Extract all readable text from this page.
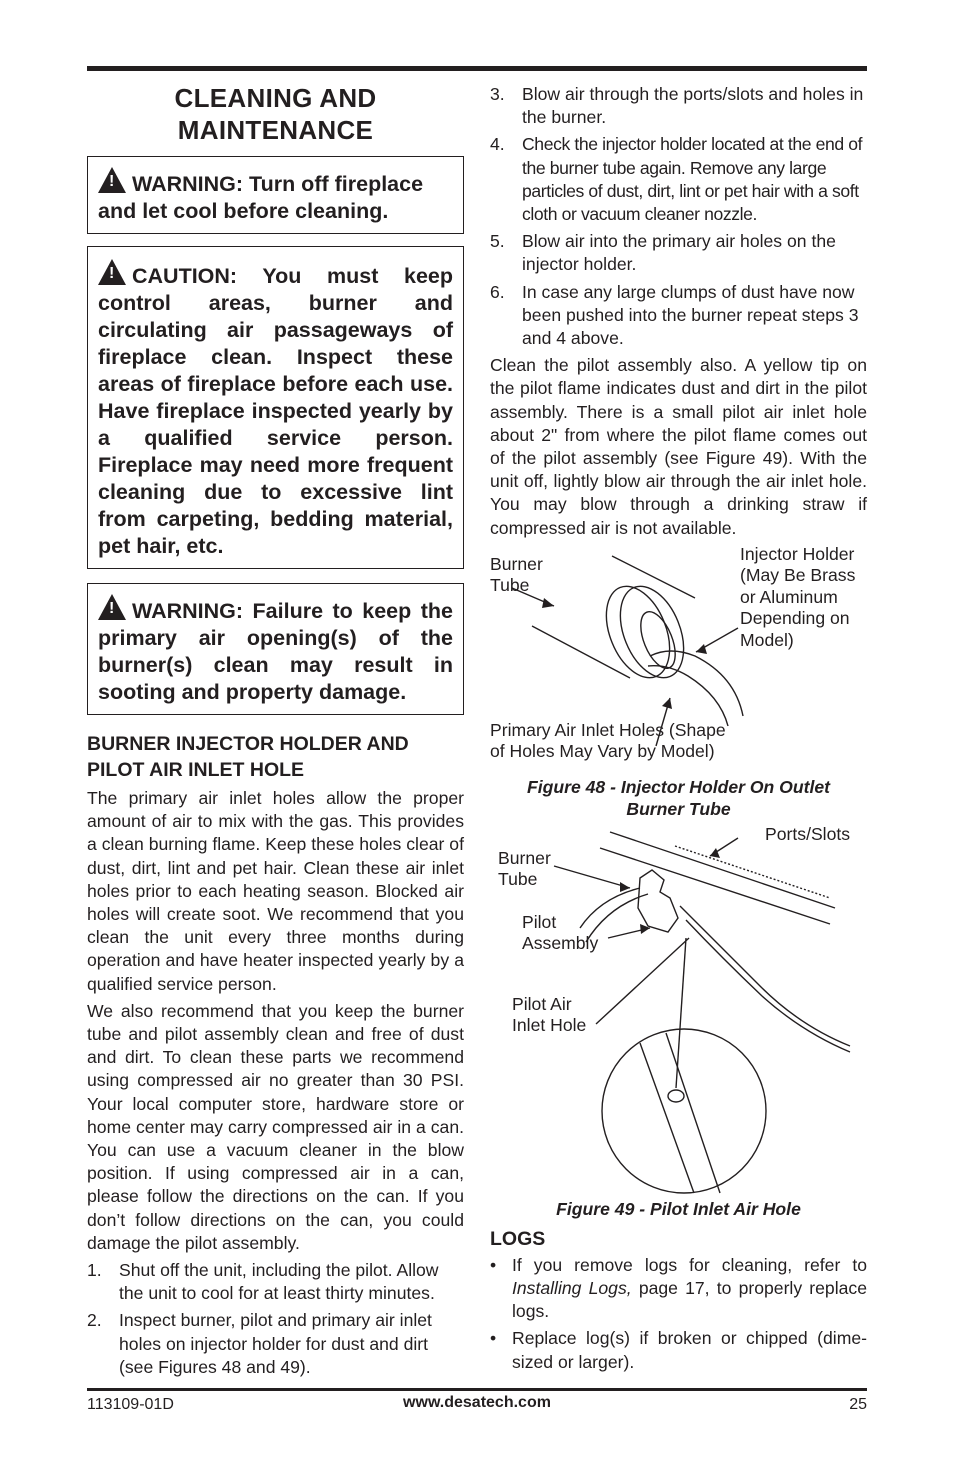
CLEANING AND
MAINTENANCE
!WARNING: Turn off fireplace and let cool before cleaning.
!CAUTION: You must keep control areas, burner and circulating air passageways of fireplace clean. Inspect these areas of fireplace before each use. Have fireplace inspected yearly by a qualified service person. Fireplace may need more frequent cleaning due to excessive lint from carpeting, bedding material, pet hair, etc.
!WARNING: Failure to keep the primary air opening(s) of the burner(s) clean may result in sooting and property damage.
BURNER INJECTOR HOLDER AND PILOT AIR INLET HOLE

The primary air inlet holes allow the proper amount of air to mix with the gas. This provides a clean burning flame. Keep these holes clear of dust, dirt, lint and pet hair. Clean these air inlet holes prior to each heating season. Blocked air holes will create soot. We recommend that you clean the unit every three months during operation and have heater inspected yearly by a qualified service person.

We also recommend that you keep the burner tube and pilot assembly clean and free of dust and dirt. To clean these parts we recommend using compressed air no greater than 30 PSI. Your local computer store, hardware store or home center may carry compressed air in a can. You can use a vacuum cleaner in the blow position. If using compressed air in a can, please follow the directions on the can. If you don’t follow directions on the can, you could damage the pilot assembly.

1. Shut off the unit, including the pilot. Allow the unit to cool for at least thirty minutes.
2. Inspect burner, pilot and primary air inlet holes on injector holder for dust and dirt (see Figures 48 and 49).
3. Blow air through the ports/slots and holes in the burner.
4. Check the injector holder located at the end of the burner tube again. Remove any large particles of dust, dirt, lint or pet hair with a soft cloth or vacuum cleaner nozzle.
5. Blow air into the primary air holes on the injector holder.
6. In case any large clumps of dust have now been pushed into the burner repeat steps 3 and 4 above.

Clean the pilot assembly also. A yellow tip on the pilot flame indicates dust and dirt in the pilot assembly. There is a small pilot air inlet hole about 2" from where the pilot flame comes out of the pilot assembly (see Figure 49). With the unit off, lightly blow air through the air inlet hole. You may blow through a drinking straw if compressed air is not available.

Burner
Tube
Injector Holder
(May Be Brass
or Aluminum
Depending on
Model)
Primary Air Inlet Holes (Shape
of Holes May Vary by Model)
Figure 48 - Injector Holder On Outlet
Burner Tube
Ports/Slots
Burner
Tube
Pilot
Assembly
Pilot Air
Inlet Hole
Figure 49 - Pilot Inlet Air Hole
LOGS
• If you remove logs for cleaning, refer to Installing Logs, page 17, to properly replace logs.
• Replace log(s) if broken or chipped (dime-sized or larger).
113109-01D	www.desatech.com	25
